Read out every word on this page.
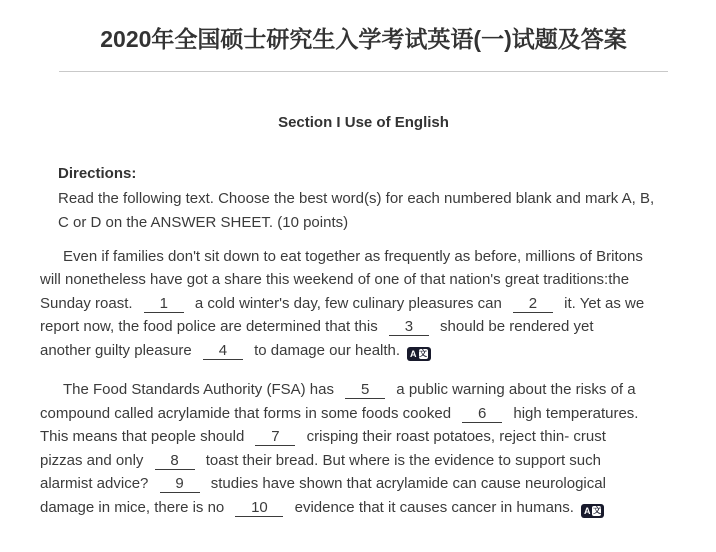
2020年全国硕士研究生入学考试英语(一)试题及答案
Section I Use of English
Directions:
Read the following text. Choose the best word(s) for each numbered blank and mark A, B,
C or D on the ANSWER SHEET. (10 points)
Even if families don't sit down to eat together as frequently as before, millions of Britons
will nonetheless have got a share this weekend of one of that nation's great traditions:the
Sunday roast. 1 a cold winter's day, few culinary pleasures can 2 it. Yet as we
report now, the food police are determined that this 3 should be rendered yet
another guilty pleasure 4 to damage our health. A 文
The Food Standards Authority (FSA) has 5 a public warning about the risks of a
compound called acrylamide that forms in some foods cooked 6 high temperatures.
This means that people should 7 crisping their roast potatoes, reject thin- crust
pizzas and only 8 toast their bread. But where is the evidence to support such
alarmist advice? 9 studies have shown that acrylamide can cause neurological
damage in mice, there is no 10 evidence that it causes cancer in humans. A 文
